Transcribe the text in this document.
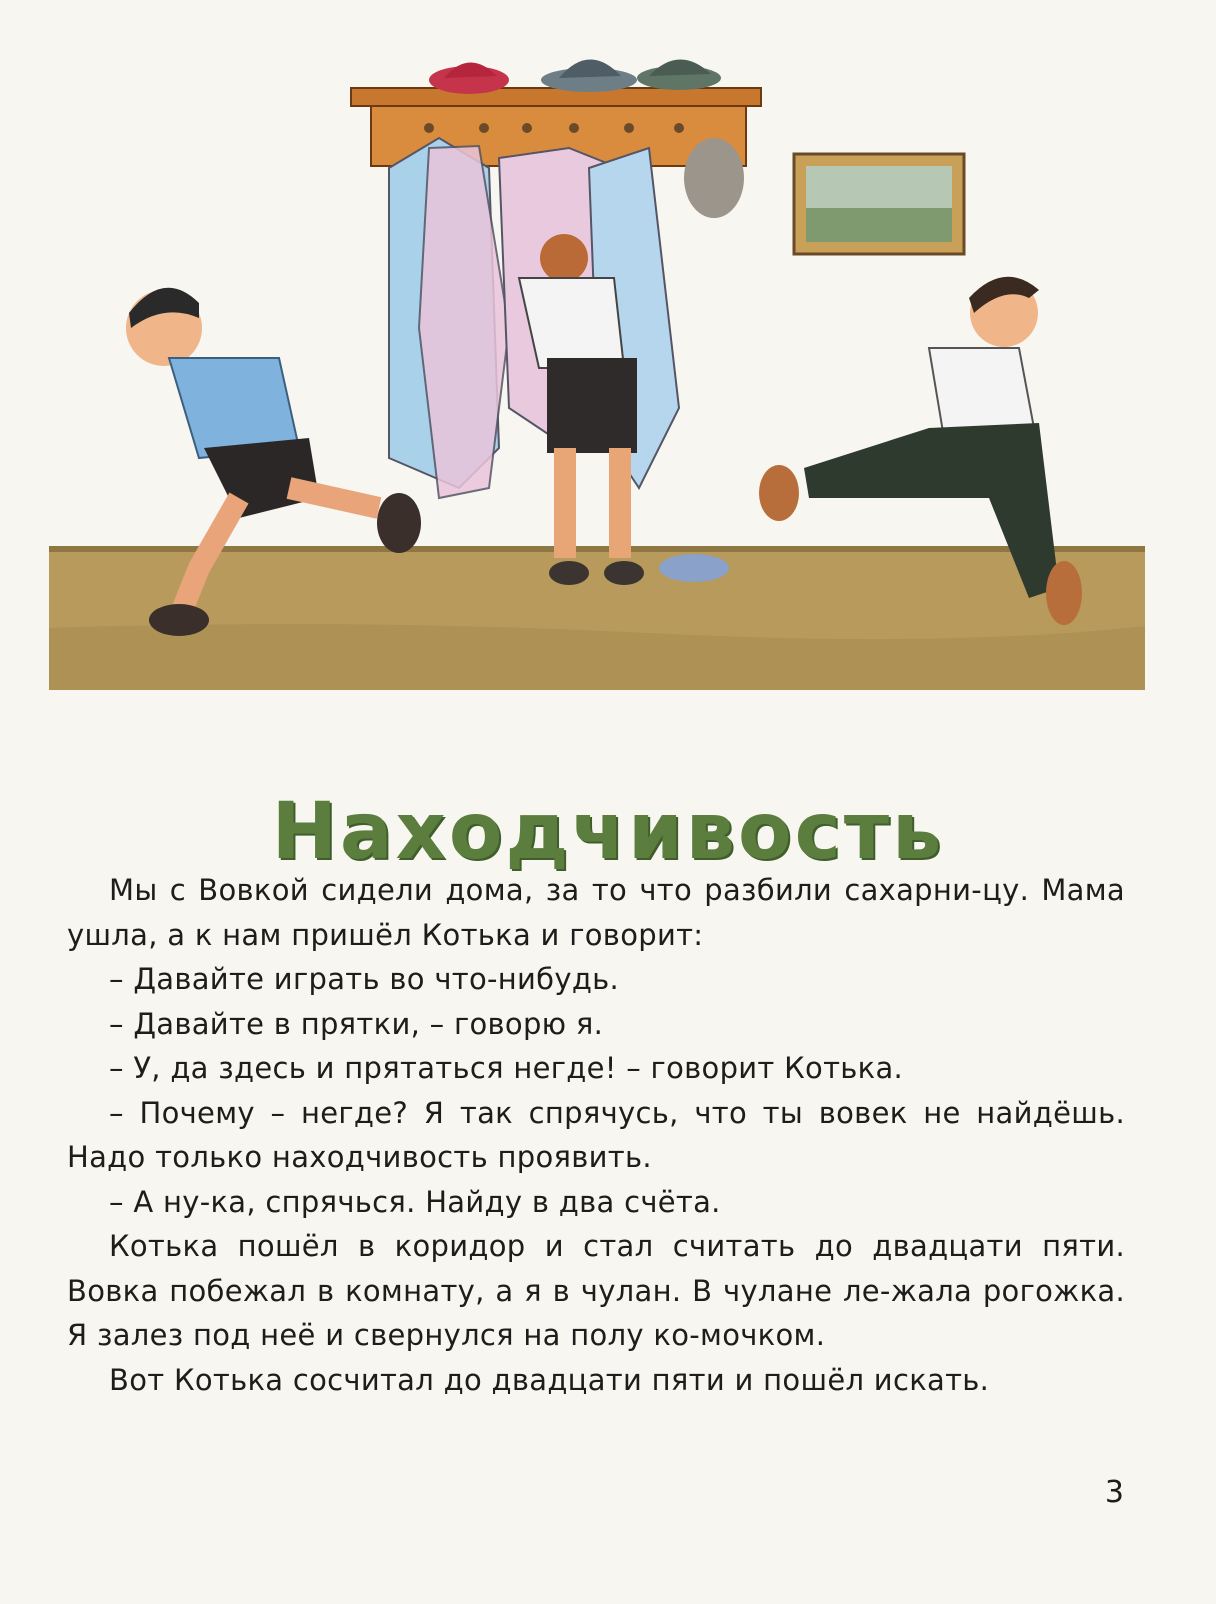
Находчивость

Мы с Вовкой сидели дома, за то что разбили сахарни-цу. Мама ушла, а к нам пришёл Котька и говорит:

– Давайте играть во что-нибудь.

– Давайте в прятки, – говорю я.

– У, да здесь и прятаться негде! – говорит Котька.

– Почему – негде? Я так спрячусь, что ты вовек не найдёшь. Надо только находчивость проявить.

– А ну-ка, спрячься. Найду в два счёта.

Котька пошёл в коридор и стал считать до двадцати пяти. Вовка побежал в комнату, а я в чулан. В чулане ле-жала рогожка. Я залез под неё и свернулся на полу ко-мочком.

Вот Котька сосчитал до двадцати пяти и пошёл искать.

3
